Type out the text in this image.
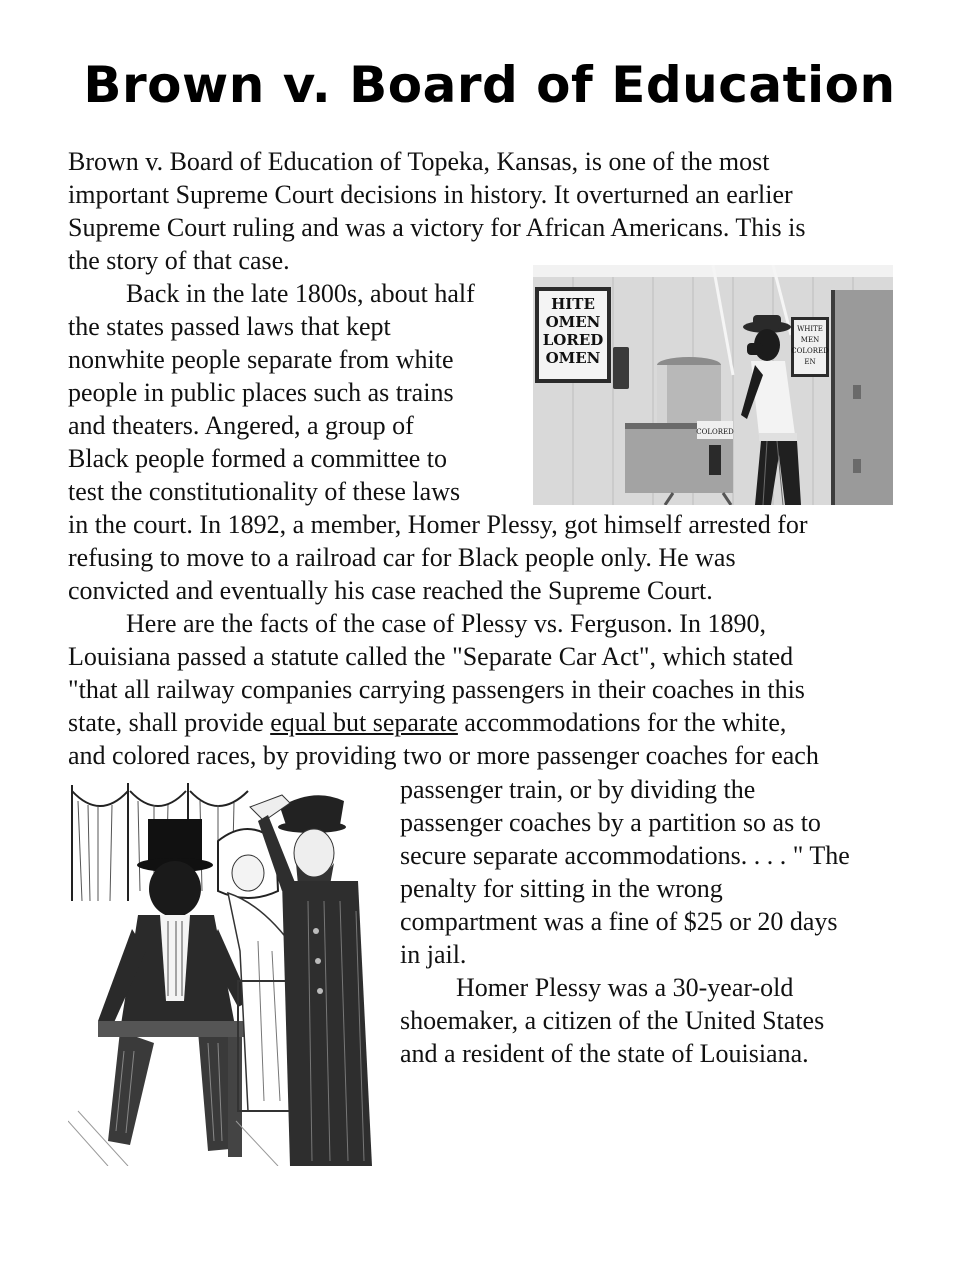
Brown v. Board of Education
Brown v. Board of Education of Topeka, Kansas, is one of the most
important Supreme Court decisions in history. It overturned an earlier
Supreme Court ruling and was a victory for African Americans. This is
the story of that case.
Back in the late 1800s, about half
the states passed laws that kept
nonwhite people separate from white
people in public places such as trains
and theaters. Angered, a group of
Black people formed a committee to
test the constitutionality of these laws
in the court. In 1892, a member, Homer Plessy, got himself arrested for
refusing to move to a railroad car for Black people only. He was
convicted and eventually his case reached the Supreme Court.
Here are the facts of the case of Plessy vs. Ferguson. In 1890,
Louisiana passed a statute called the "Separate Car Act", which stated
"that all railway companies carrying passengers in their coaches in this
state, shall provide equal but separate accommodations for the white,
and colored races, by providing two or more passenger coaches for each
passenger train, or by dividing the
passenger coaches by a partition so as to
secure separate accommodations. . . . " The
penalty for sitting in the wrong
compartment was a fine of $25 or 20 days
in jail.
Homer Plessy was a 30-year-old
shoemaker, a citizen of the United States
and a resident of the state of Louisiana.
HITE
OMEN
LORED
OMEN
WHITE
MEN
COLORED
EN
COLORED
